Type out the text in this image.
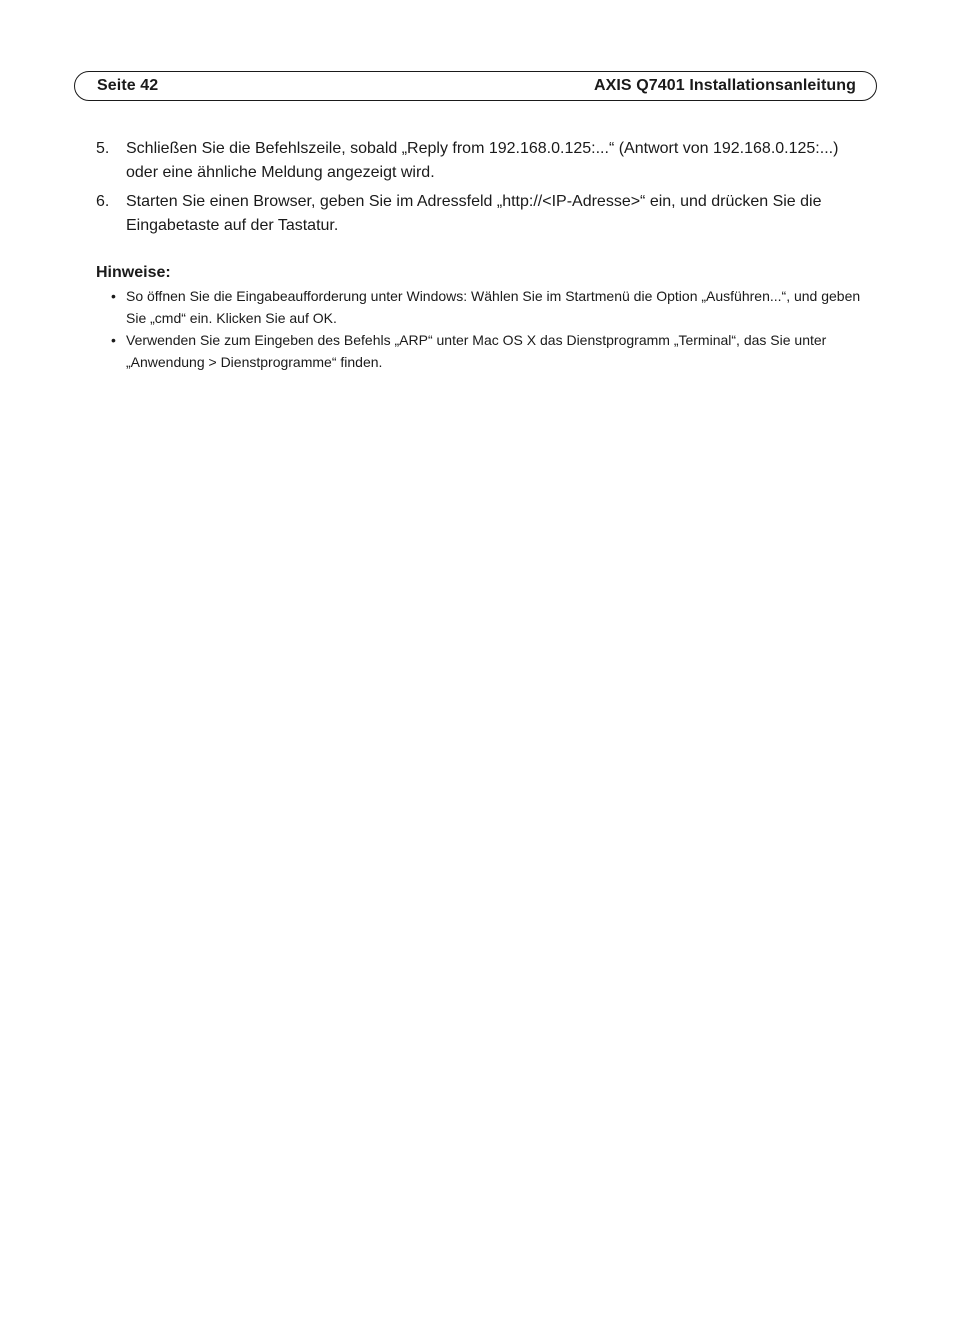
Seite 42	AXIS Q7401 Installationsanleitung
5. Schließen Sie die Befehlszeile, sobald „Reply from 192.168.0.125:...“ (Antwort von 192.168.0.125:...) oder eine ähnliche Meldung angezeigt wird.
6. Starten Sie einen Browser, geben Sie im Adressfeld „http://<IP-Adresse>“ ein, und drücken Sie die Eingabetaste auf der Tastatur.
Hinweise:
• So öffnen Sie die Eingabeaufforderung unter Windows: Wählen Sie im Startmenü die Option „Ausführen...“, und geben Sie „cmd“ ein. Klicken Sie auf OK.
• Verwenden Sie zum Eingeben des Befehls „ARP“ unter Mac OS X das Dienstprogramm „Terminal“, das Sie unter „Anwendung > Dienstprogramme“ finden.
